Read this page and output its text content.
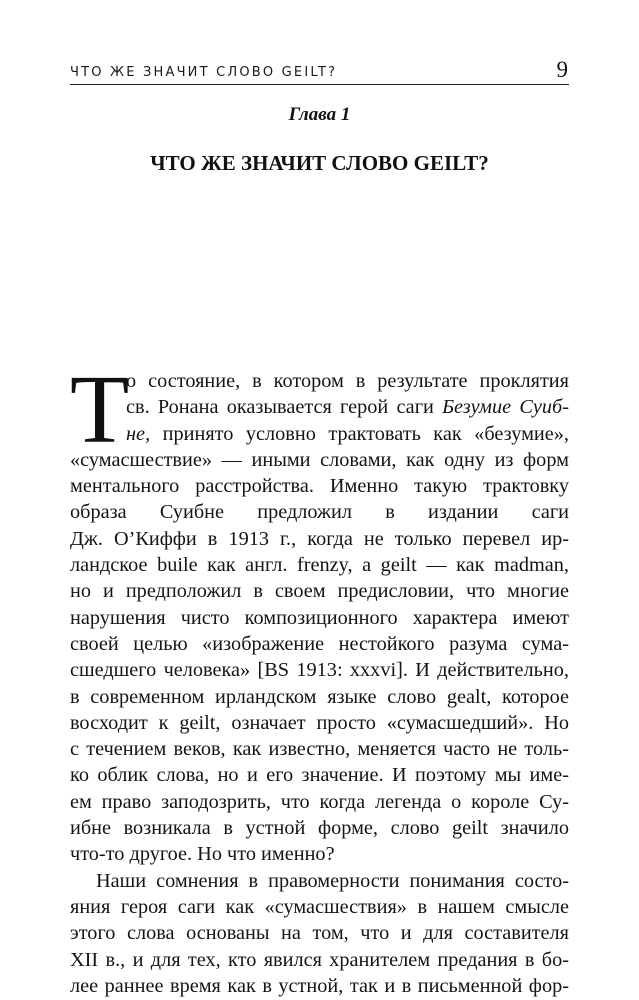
ЧТО ЖЕ ЗНАЧИТ СЛОВО GEILT?	9
Глава 1
ЧТО ЖЕ ЗНАЧИТ СЛОВО GEILT?
Т
о состояние, в котором в результате проклятия
св. Ронана оказывается герой саги Безумие Суиб-
не, принято условно трактовать как «безумие»,
«сумасшествие» — иными словами, как одну из форм
ментального расстройства. Именно такую трактовку
образа Суибне предложил в издании саги
Дж. О’Киффи в 1913 г., когда не только перевел ир-
ландское buile как англ. frenzy, а geilt — как madman,
но и предположил в своем предисловии, что многие
нарушения чисто композиционного характера имеют
своей целью «изображение нестойкого разума сума-
сшедшего человека» [BS 1913: xxxvi]. И действительно,
в современном ирландском языке слово gealt, которое
восходит к geilt, означает просто «сумасшедший». Но
с течением веков, как известно, меняется часто не толь-
ко облик слова, но и его значение. И поэтому мы име-
ем право заподозрить, что когда легенда о короле Су-
ибне возникала в устной форме, слово geilt значило
что-то другое. Но что именно?
Наши сомнения в правомерности понимания состо-
яния героя саги как «сумасшествия» в нашем смысле
этого слова основаны на том, что и для составителя
XII в., и для тех, кто явился хранителем предания в бо-
лее раннее время как в устной, так и в письменной фор-
